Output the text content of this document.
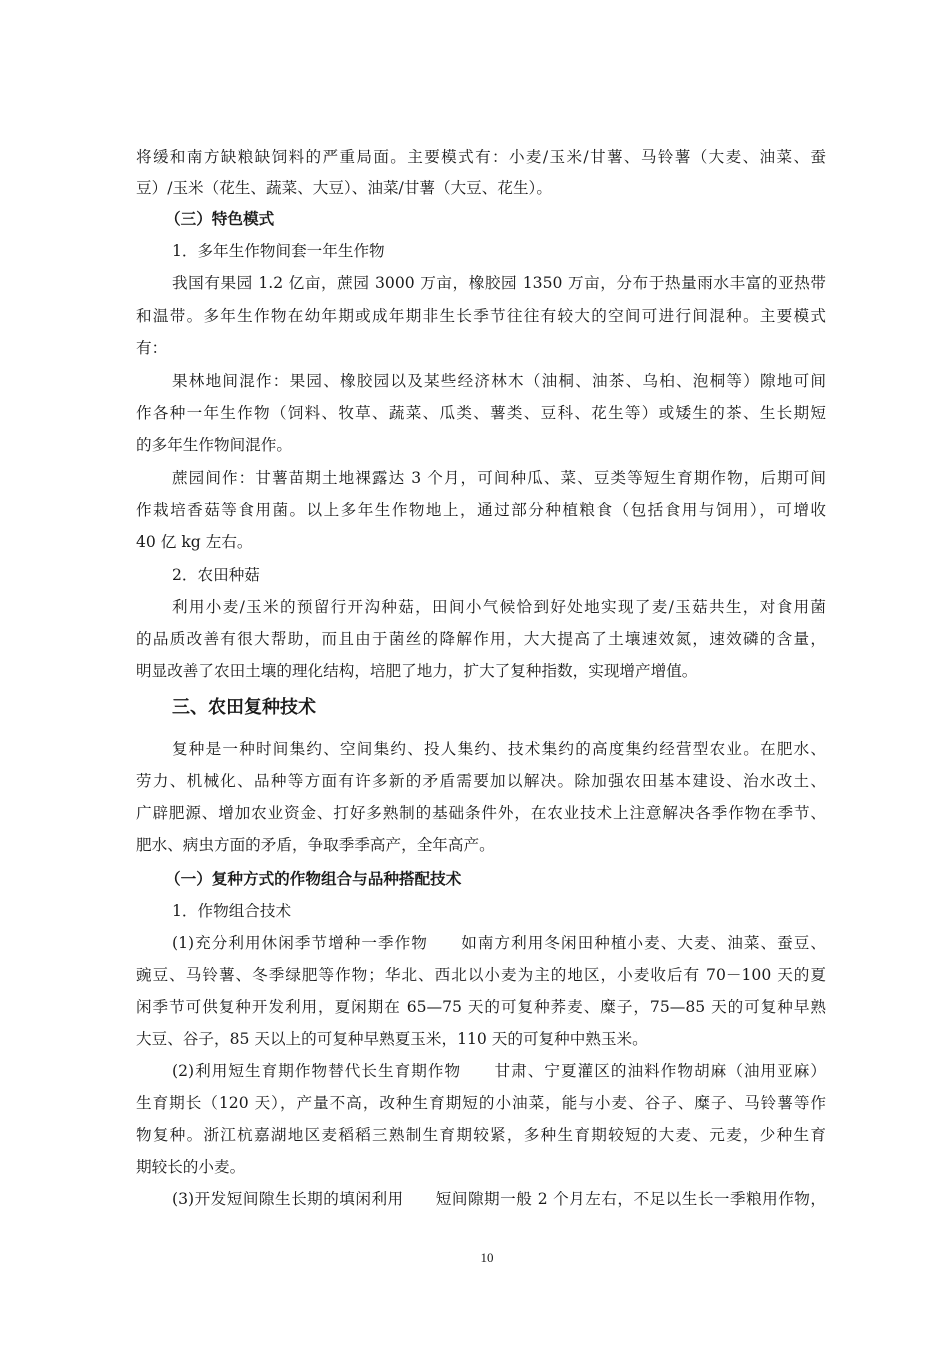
将缓和南方缺粮缺饲料的严重局面。主要模式有：小麦/玉米/甘薯、马铃薯（大麦、油菜、蚕
豆）/玉米（花生、蔬菜、大豆）、油菜/甘薯（大豆、花生）。
（三）特色模式
1．多年生作物间套一年生作物
我国有果园 1.2 亿亩，蔗园 3000 万亩，橡胶园 1350 万亩，分布于热量雨水丰富的亚热带
和温带。多年生作物在幼年期或成年期非生长季节往往有较大的空间可进行间混种。主要模式
有：
果林地间混作：果园、橡胶园以及某些经济林木（油桐、油茶、乌桕、泡桐等）隙地可间
作各种一年生作物（饲料、牧草、蔬菜、瓜类、薯类、豆科、花生等）或矮生的茶、生长期短
的多年生作物间混作。
蔗园间作：甘薯苗期土地裸露达 3 个月，可间种瓜、菜、豆类等短生育期作物，后期可间
作栽培香菇等食用菌。以上多年生作物地上，通过部分种植粮食（包括食用与饲用），可增收
40 亿 kg 左右。
2．农田种菇
利用小麦/玉米的预留行开沟种菇，田间小气候恰到好处地实现了麦/玉菇共生，对食用菌
的品质改善有很大帮助，而且由于菌丝的降解作用，大大提高了土壤速效氮，速效磷的含量，
明显改善了农田土壤的理化结构，培肥了地力，扩大了复种指数，实现增产增值。
三、农田复种技术
复种是一种时间集约、空间集约、投人集约、技术集约的高度集约经营型农业。在肥水、
劳力、机械化、品种等方面有许多新的矛盾需要加以解决。除加强农田基本建设、治水改土、
广辟肥源、增加农业资金、打好多熟制的基础条件外，在农业技术上注意解决各季作物在季节、
肥水、病虫方面的矛盾，争取季季高产，全年高产。
（一）复种方式的作物组合与品种搭配技术
1．作物组合技术
(1)充分利用休闲季节增种一季作物　　如南方利用冬闲田种植小麦、大麦、油菜、蚕豆、
豌豆、马铃薯、冬季绿肥等作物；华北、西北以小麦为主的地区，小麦收后有 70－100 天的夏
闲季节可供复种开发利用，夏闲期在 65—75 天的可复种荞麦、糜子，75—85 天的可复种早熟
大豆、谷子，85 天以上的可复种早熟夏玉米，110 天的可复种中熟玉米。
(2)利用短生育期作物替代长生育期作物　　甘肃、宁夏灌区的油料作物胡麻（油用亚麻）
生育期长（120 天），产量不高，改种生育期短的小油菜，能与小麦、谷子、糜子、马铃薯等作
物复种。浙江杭嘉湖地区麦稻稻三熟制生育期较紧，多种生育期较短的大麦、元麦，少种生育
期较长的小麦。
(3)开发短间隙生长期的填闲利用　　短间隙期一般 2 个月左右，不足以生长一季粮用作物，
10
